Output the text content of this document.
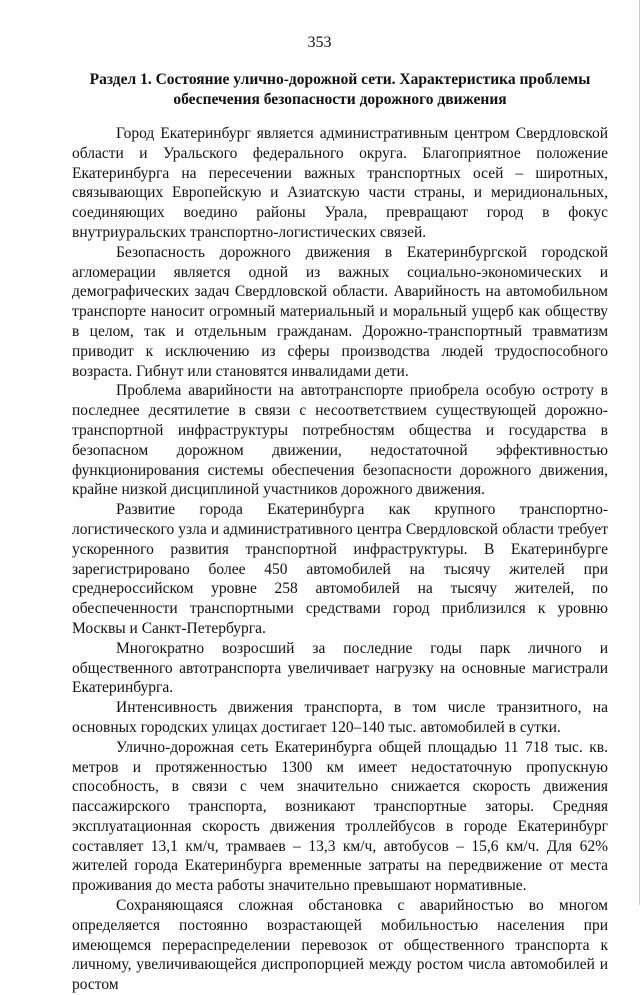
353
Раздел 1. Состояние улично-дорожной сети. Характеристика проблемы
обеспечения безопасности дорожного движения

Город Екатеринбург является административным центром Свердловской области и Уральского федерального округа. Благоприятное положение Екатеринбурга на пересечении важных транспортных осей – широтных, связывающих Европейскую и Азиатскую части страны, и меридиональных, соединяющих воедино районы Урала, превращают город в фокус внутриуральских транспортно-логистических связей.

Безопасность дорожного движения в Екатеринбургской городской агломерации является одной из важных социально-экономических и демографических задач Свердловской области. Аварийность на автомобильном транспорте наносит огромный материальный и моральный ущерб как обществу в целом, так и отдельным гражданам. Дорожно-транспортный травматизм приводит к исключению из сферы производства людей трудоспособного возраста. Гибнут или становятся инвалидами дети.

Проблема аварийности на автотранспорте приобрела особую остроту в последнее десятилетие в связи с несоответствием существующей дорожно-транспортной инфраструктуры потребностям общества и государства в безопасном дорожном движении, недостаточной эффективностью функционирования системы обеспечения безопасности дорожного движения, крайне низкой дисциплиной участников дорожного движения.

Развитие города Екатеринбурга как крупного транспортно-логистического узла и административного центра Свердловской области требует ускоренного развития транспортной инфраструктуры. В Екатеринбурге зарегистрировано более 450 автомобилей на тысячу жителей при среднероссийском уровне 258 автомобилей на тысячу жителей, по обеспеченности транспортными средствами город приблизился к уровню Москвы и Санкт-Петербурга.

Многократно возросший за последние годы парк личного и общественного автотранспорта увеличивает нагрузку на основные магистрали Екатеринбурга.

Интенсивность движения транспорта, в том числе транзитного, на основных городских улицах достигает 120–140 тыс. автомобилей в сутки.

Улично-дорожная сеть Екатеринбурга общей площадью 11 718 тыс. кв. метров и протяженностью 1300 км имеет недостаточную пропускную способность, в связи с чем значительно снижается скорость движения пассажирского транспорта, возникают транспортные заторы. Средняя эксплуатационная скорость движения троллейбусов в городе Екатеринбург составляет 13,1 км/ч, трамваев – 13,3 км/ч, автобусов – 15,6 км/ч. Для 62% жителей города Екатеринбурга временные затраты на передвижение от места проживания до места работы значительно превышают нормативные.

Сохраняющаяся сложная обстановка с аварийностью во многом определяется постоянно возрастающей мобильностью населения при имеющемся перераспределении перевозок от общественного транспорта к личному, увеличивающейся диспропорцией между ростом числа автомобилей и ростом
